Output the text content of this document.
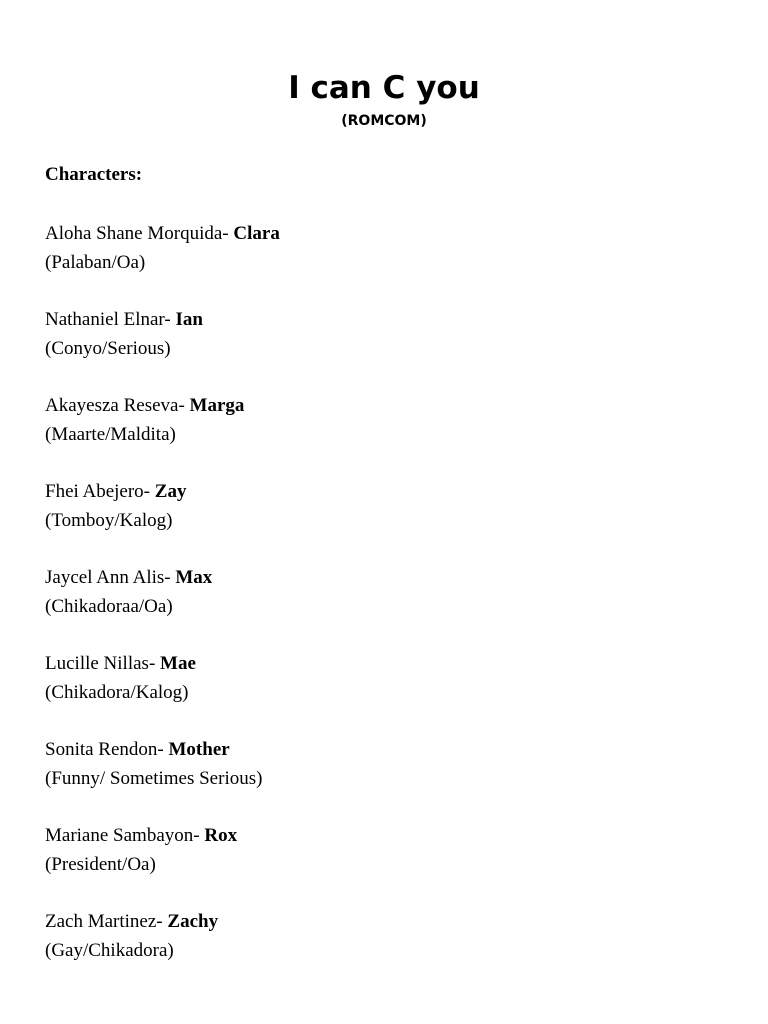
I can C you
(ROMCOM)
Characters:
Aloha Shane Morquida- Clara
(Palaban/Oa)
Nathaniel Elnar- Ian
(Conyo/Serious)
Akayesza Reseva- Marga
(Maarte/Maldita)
Fhei Abejero- Zay
(Tomboy/Kalog)
Jaycel Ann Alis- Max
(Chikadoraa/Oa)
Lucille Nillas- Mae
(Chikadora/Kalog)
Sonita Rendon- Mother
(Funny/ Sometimes Serious)
Mariane Sambayon- Rox
(President/Oa)
Zach Martinez- Zachy
(Gay/Chikadora)
